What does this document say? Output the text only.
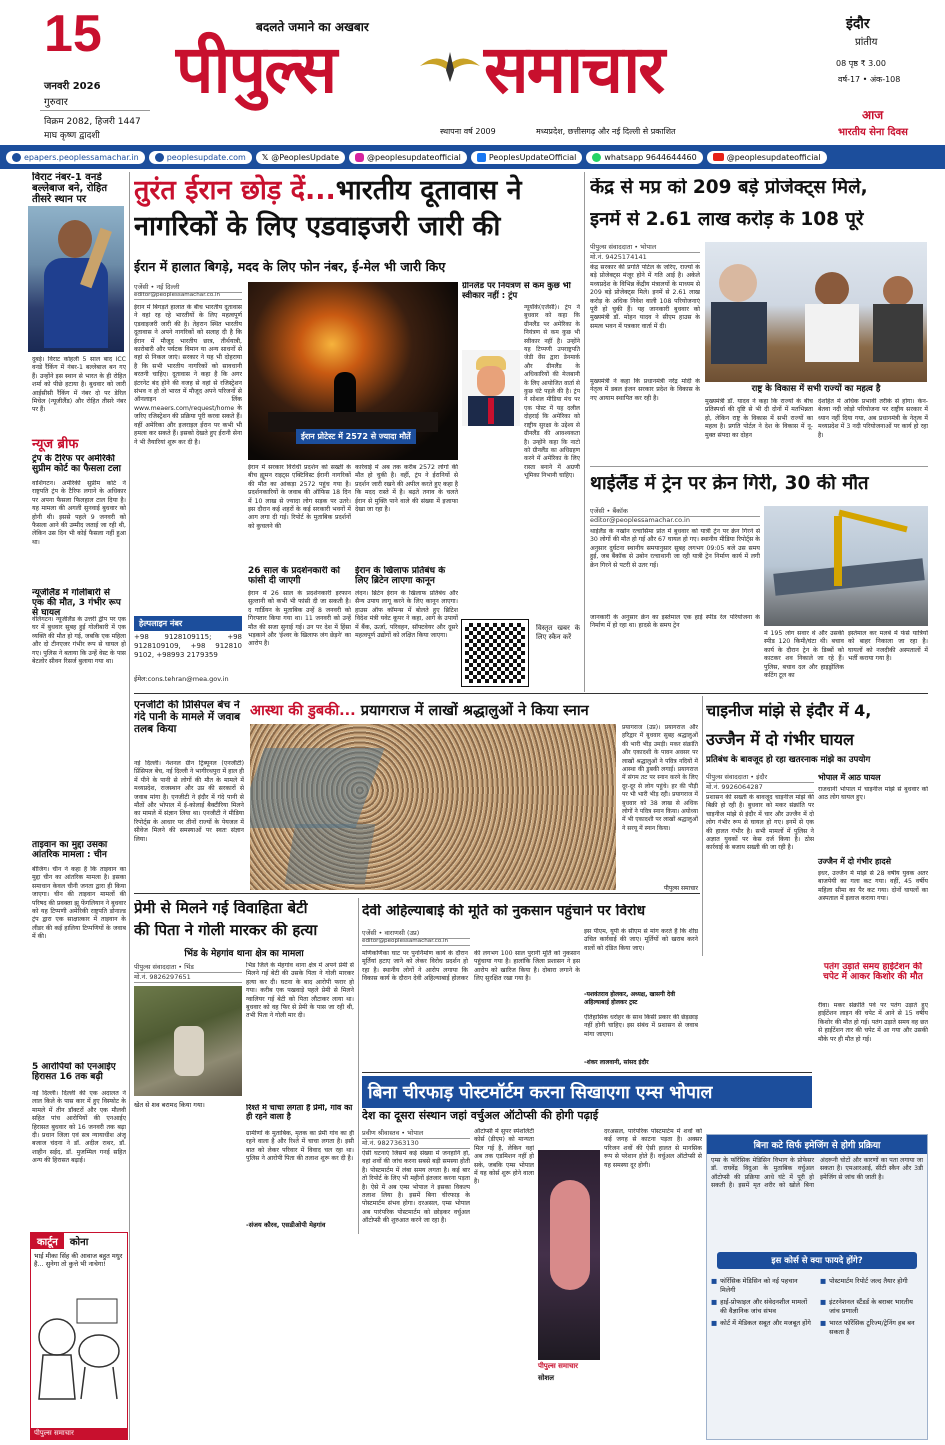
15
जनवरी 2026
गुरुवार
विक्रम 2082, हिजरी 1447
माघ कृष्ण द्वादशी
बदलते जमाने का अखबार
पीपुल्स समाचार
स्थापना वर्ष 2009	मध्यप्रदेश, छत्तीसगढ़ और नई दिल्ली से प्रकाशित
इंदौर
प्रांतीय
08 पृष्ठ ₹ 3.00
वर्ष-17 • अंक-108
आज
भारतीय सेना दिवस
epapers.peoplessamachar.in	peoplesupdate.com 𝕏 @PeoplesUpdate	@peoplesupdateofficial	PeoplesUpdateOfficial	whatsapp 9644644460	@peoplesupdateofficial
विराट नंबर-1 वनडे बल्लेबाज बने, रोहित तीसरे स्थान पर
दुबई। विराट कोहली 5 साल बाद ICC वनडे रैंकिंग में नंबर-1 बल्लेबाज बन गए हैं। उन्होंने इस स्थान से भारत के ही रोहित शर्मा को पीछे हटाया है। बुधवार को जारी आईसीसी रैंकिंग में नंबर दो पर डेरिल मिचेल (न्यूजीलैंड) और रोहित तीसरे नंबर पर हैं।
न्यूज ब्रीफ
ट्रंप के टैरिफ पर अमेरिकी सुप्रीम कोर्ट का फैसला टला
वाशिंगटन। अमेरिकी सुप्रीम कोर्ट ने राष्ट्रपति ट्रंप के टैरिफ लगाने के अधिकार पर अपना फैसला फिलहाल टाल दिया है। यह मामला की अगली सुनवाई बुधवार को होनी थी। इससे पहले 9 जनवरी को फैसला आने की उम्मीद जताई जा रही थी, लेकिन उस दिन भी कोई फैसला नहीं हुआ था।
न्यूजीलैंड में गोलीबारी से एक की मौत, 3 गंभीर रूप से घायल
वेलिंगटन। न्यूजीलैंड के उत्तरी द्वीप पर एक घर में बुधवार सुबह हुई गोलीबारी में एक व्यक्ति की मौत हो गई, जबकि एक महिला और दो टीनएजर गंभीर रूप से घायल हो गए। पुलिस ने बताया कि उन्हें वेस्ट के पास बेटलोर सीवन रिसर्ज बुलाया गया था।
ताइवान का मुद्दा उसका आंतरिक मामला : चीन
बीजिंग। चीन ने कहा है कि ताइवान का मुद्दा चीन का आंतरिक मामला है। इसका समाधान केवल चीनी जनता द्वारा ही किया जाएगा। चीन की ताइवान मामलों की परिषद की प्रवक्ता झू फेंगलियान ने बुधवार को यह टिप्पणी अमेरिकी राष्ट्रपति डोनाल्ड ट्रंप द्वारा एक साक्षात्कार में ताइवान के लीडर की कई हालिया टिप्पणियों के जवाब में की।
5 आरोपियों को एनआईए हिरासत 16 तक बढ़ी
नई दिल्ली। दिल्ली की एक अदालत ने लाल किले के पास कार में हुए विस्फोट के मामले में तीन डॉक्टरों और एक मौलवी सहित पांच आरोपियों की एनआईए हिरासत बुधवार को 16 जनवरी तक बढ़ा दी। प्रधान जिला एवं सत्र न्यायाधीश अंजू बजाज चंदना ने डॉ. अदील राथर, डॉ. शाहीन सईद, डॉ. मुजम्मिल गनई सहित अन्य की हिरासत बढ़ाई।
कार्टून	कोना
भाई मीका सिंह की आवाज बहुत मधुर है... सुनेगा तो कुत्ते भी नाचेगा!
पीपुल्स समाचार
तुरंत ईरान छोड़ दें...भारतीय दूतावास ने
नागरिकों के लिए एडवाइजरी जारी की
ईरान में हालात बिगड़े, मदद के लिए फोन नंबर, ई-मेल भी जारी किए
एजेंसी • नई दिल्ली
editor@peoplessamachar.co.in
ईरान में बिगड़ते हालात के बीच भारतीय दूतावास ने वहां रह रहे भारतीयों के लिए महत्वपूर्ण एडवाइजरी जारी की है। तेहरान स्थित भारतीय दूतावास ने अपने नागरिकों को सलाह दी है कि ईरान में मौजूद भारतीय छात्र, तीर्थयात्री, कारोबारी और पर्यटक विमान या अन्य साधनों से वहां से निकल जाएं। सरकार ने यह भी दोहराया है कि सभी भारतीय नागरिकों को सावधानी बरतनी चाहिए। दूतावास ने कहा है कि अगर इंटरनेट बंद होने की वजह से वहां से रजिस्ट्रेशन संभव न हो तो भारत में मौजूद अपने परिजनों से ऑनलाइन लिंक www.meaers.com/request/home के जरिए रजिस्ट्रेशन की प्रक्रिया पूरी करवा सकते हैं। वहीं अमेरिका और इजराइल ईरान पर कभी भी हमला कर सकते हैं। इसको देखते हुए ईरानी सेना ने भी तैयारियां शुरू कर दी है।
ईरान प्रोटेस्ट में 2572 से ज्यादा मौतें
ईरान में सरकार विरोधी प्रदर्शन को सख्ती के बीच ह्यूमन राइट्स एक्टिविस्ट ईरानी नागरिकों की मौत का आंकड़ा 2572 पहुंच गया है। प्रदर्शनकारियों के जवाब की ऑफिस 18 दिन में 10 लाख से ज्यादा लोग सड़क पर उतरे। इस दौरान कई शहरों के कई सरकारी भवनों में आग लगा दी गई। रिपोर्ट के मुताबिक प्रदर्शनों को कुचलने की
कार्रवाई में अब तक करीब 2572 लोगों की मौत हो चुकी है। वहीं, ट्रंप ने ईरानियों से प्रदर्शन जारी रखने की अपील करते हुए कहा है कि मदद रास्ते में है। बढ़ते तनाव के चलते ईरान से मुक्ति पाने वाले की संख्या में इजाफा देखा जा रहा है।
हेल्पलाइन नंबर
+98 9128109115; +98 9128109109, +98 912810 9102, +98993 2179359
ईमेल:cons.tehran@mea.gov.in
26 साल के प्रदर्शनकारी को फांसी दी जाएगी
ईरान में 26 साल के प्रदर्शनकारी इरफान सुल्तानी को कभी भी फांसी दी जा सकती है। द गार्डियन के मुताबिक उन्हें 8 जनवरी को गिरफ्तार किया गया था। 11 जनवरी को उन्हें मौत की सजा सुनाई गई। उन पर देश में हिंसा भड़काने और 'ईश्वर के खिलाफ जंग छेड़ने' का आरोप है।
ईरान के खिलाफ प्रतिबंध के लिए ब्रिटेन लाएगा कानून
लंदन। ब्रिटेन ईरान के खिलाफ प्रतिबंध और सैन्य उपाय लागू करने के लिए कानून लाएगा। हाउस ऑफ कॉमन्स में बोलते हुए ब्रिटिश विदेश मंत्री यवेट कूपर ने कहा, आगे के उपायों में बैंक, ऊर्जा, परिवहन, सॉफ्टवेयर और दूसरे महत्वपूर्ण उद्योगों को लक्षित किया जाएगा।
ग्रीनलैंड पर नियंत्रण से कम कुछ भी स्वीकार नहीं : ट्रंप
न्यूयॉर्क(एजेंसी)। ट्रंप ने बुधवार को कहा कि ग्रीनलैंड पर अमेरिका के नियंत्रण से कम कुछ भी स्वीकार नहीं है। उन्होंने यह टिप्पणी उपराष्ट्रपति जेडी वेंस द्वारा डेनमार्क और ग्रीनलैंड के अधिकारियों की मेजबानी के लिए आयोजित वार्ता से कुछ घंटे पहले की है। ट्रंप ने सोशल मीडिया मंच पर एक पोस्ट में यह दलील दोहराई कि अमेरिका को राष्ट्रीय सुरक्षा के उद्देश्य से ग्रीनलैंड की आवश्यकता है। उन्होंने कहा कि नाटो को ग्रीनलैंड का अधिग्रहण करने में अमेरिका के लिए रास्ता बनाने में अग्रणी भूमिका निभानी चाहिए।
विस्तृत खबर के लिए स्कैन करें
केंद्र से मप्र को 209 बड़े प्रोजेक्ट्स मिले,
इनमें से 2.61 लाख करोड़ के 108 पूरे
पीपुल्स संवाददाता • भोपाल
मो.नं. 9425174141
केंद्र सरकार की प्रगति पोर्टल के जरिए, राज्यों के बड़े प्रोजेक्ट्स मंजूर होने में गति आई है। अकेले मध्यप्रदेश के विभिन्न केंद्रीय मंत्रालयों के माध्यम से 209 बड़े प्रोजेक्ट्स मिले। इनमें से 2.61 लाख करोड़ के अधिक निवेश वाली 108 परियोजनाएं पूरी हो चुकी हैं। यह जानकारी बुधवार को मुख्यमंत्री डॉ. मोहन यादव ने सीएम हाउस के समत्व भवन में पत्रकार वार्ता में दी।
मुख्यमंत्री ने कहा कि प्रधानमंत्री नरेंद्र मोदी के नेतृत्व में डबल इंजन सरकार प्रदेश के विकास के नए आयाम स्थापित कर रही है।
राष्ट्र के विकास में सभी राज्यों का महत्व है
मुख्यमंत्री डॉ. यादव ने कहा कि राज्यों के बीच प्रतिस्पर्धा की दृष्टि से भी दी दोनों में मतभिन्नता हो, लेकिन राष्ट्र के विकास में सभी राज्यों का महत्व है। प्रगति पोर्टल ने देश के विकास में नू-मुक्त संपदा का दोहन
देशहित में अधिक प्रभावी तरीके से होगा। केन-बेतवा नदी जोड़ो परियोजना पर राष्ट्रीय सरकार में ध्यान नहीं दिया गया, अब प्रधानमंत्री के नेतृत्व में मध्यप्रदेश में 3 नदी परियोजनाओं पर कार्य हो रहा है।
थाईलैंड में ट्रेन पर क्रेन गिरी, 30 की मौत
एजेंसी • बैंकॉक
editor@peoplessamachar.co.in
थाईलैंड के नखोन रत्चासिमा प्रांत में बुधवार को यात्री ट्रेन पर क्रेन गिरने से 30 लोगों की मौत हो गई और 67 घायल हो गए। स्थानीय मीडिया रिपोर्ट्स के अनुसार दुर्घटना स्थानीय समयानुसार सुबह लगभग 09:05 बजे उस समय हुई, जब बैंकॉक से उबोन रत्चाथानी जा रही यात्री ट्रेन निर्माण कार्य में लगी क्रेन गिरने से पटरी से उतर गई।
जानकारी के अनुसार क्रेन का इस्तेमाल एक हाई स्पीड रेल परियोजना के निर्माण में हो रहा था। हादसे के समय ट्रेन
में 195 लोग सवार थे और उसकी स्पीड 120 किमी/घंटा थी। बचाव कार्य के दौरान ट्रेन के डिब्बों को काटकर शव निकाले जा रहे हैं। पुलिस, बचाव दल और हाइड्रोलिक कटिंग टूल का
इस्तेमाल कर मलबे में फंसे यात्रियों को बाहर निकाला जा रहा है। घायलों को नजदीकी अस्पतालों में भर्ती कराया गया है।
एनजीटी की प्रिंसिपल बेंच ने गंदे पानी के मामले में जवाब तलब किया
नई दिल्ली। नेशनल ग्रीन ट्रिब्यूनल (एनजीटी) प्रिंसिपल बेंच, नई दिल्ली ने भागीरथपुरा में हाल ही में पीने के पानी से लोगों की मौत के मामले में मध्यप्रदेश, राजस्थान और उप्र की सरकारों से जवाब मांगा है। एनजीटी ने इंदौर में गंदे पानी से मौतों और भोपाल में ई-कोलाई बैक्टीरिया मिलने का मामले में संज्ञान लिया था। एनजीटी ने मीडिया रिपोर्ट्स के आधार पर तीनों राज्यों के पेयजल में सीवेज मिलने की समस्याओं पर स्वतः संज्ञान लिया।
आस्था की डुबकी... प्रयागराज में लाखों श्रद्धालुओं ने किया स्नान
प्रयागराज (उप्र)। प्रयागराज और हरिद्वार में बुधवार सुबह श्रद्धालुओं की भारी भीड़ उमड़ी। मकर संक्रांति और एकादशी के पावन अवसर पर लाखों श्रद्धालुओं ने पवित्र नदियों में आस्था की डुबकी लगाई। प्रयागराज में संगम तट पर स्नान करने के लिए दूर-दूर से लोग पहुंचे। हर की पौड़ी पर भी भारी भीड़ रही। प्रयागराज में बुधवार को 38 लाख से अधिक लोगों ने पवित्र स्नान किया। अयोध्या में भी एकादशी पर लाखों श्रद्धालुओं ने सरयू में स्नान किया।
पीपुल्स समाचार
चाइनीज मांझे से इंदौर में 4,
उज्जैन में दो गंभीर घायल
प्रतिबंध के बावजूद हो रहा खतरनाक मांझे का उपयोग
पीपुल्स संवाददाता • इंदौर
मो.नं. 9926064287
प्रशासन की सख्ती के बावजूद चाइनीज मांझे की बिक्री हो रही है। बुधवार को मकर संक्रांति पर चाइनीज मांझे से इंदौर में चार और उज्जैन में दो लोग गंभीर रूप से घायल हो गए। इनमें से एक की हालत गंभीर है। सभी मामलों में पुलिस ने अज्ञात युवकों पर केस दर्ज किया है। ठोस कार्रवाई के बजाय सख्ती की जा रही है।
भोपाल में आठ घायल
राजधानी भोपाल में चाइनीज मांझे से बुधवार को आठ लोग घायल हुए।
उज्जैन में दो गंभीर हादसे
इधर, उज्जैन में मांझे से 28 वर्षीय युवक अतर बाजपेयी का गला कट गया। वहीं, 45 वर्षीय महिला सीमा का पैर कट गया। दोनों घायलों का अस्पताल में इलाज कराया गया।
पतंग उड़ाते समय हाईटेंशन की चपेट में आकर किशोर की मौत
रीवा। मकर संक्रांति पर्व पर पतंग उड़ाते हुए हाईटेंशन लाइन की चपेट में आने से 15 वर्षीय किशोर की मौत हो गई। पतंग उड़ाते समय वह छत से हाईटेंशन तार की चपेट में आ गया और उसकी मौके पर ही मौत हो गई।
प्रेमी से मिलने गई विवाहिता बेटी
की पिता ने गोली मारकर की हत्या
भिंड के मेहगांव थाना क्षेत्र का मामला
पीपुल्स संवाददाता • भिंड
मो.नं. 9826297651
खेत से शव बरामद किया गया।
भिंड जिले के मेहगांव थाना क्षेत्र में अपने प्रेमी से मिलने गई बेटी की उसके पिता ने गोली मारकर हत्या कर दी। घटना के बाद आरोपी फरार हो गया। करीब एक पखवाड़े पहले प्रेमी से मिलने ग्वालियर गई बेटी को पिता लौटाकर लाया था। बुधवार को वह फिर से प्रेमी के पास जा रही थी, तभी पिता ने गोली मार दी।
रिश्ते में चाचा लगता है प्रेमी, गांव का ही रहने वाला है
ग्रामीणों के मुताबिक, मृतक का प्रेमी गांव का ही रहने वाला है और रिश्ते में चाचा लगता है। इसी बात को लेकर परिवार में विवाद चल रहा था। पुलिस ने आरोपी पिता की तलाश शुरू कर दी है।
-संजय कौरव, एसडीओपी मेहगांव
देवी अहिल्याबाई की मूर्ति को नुकसान पहुंचाने पर विरोध
एजेंसी • वाराणसी (उप्र)
editor@peoplessamachar.co.in
मणिकर्णिका घाट पर पुनर्निर्माण कार्य के दौरान मूर्तियां हटाए जाने को लेकर विरोध प्रदर्शन हो रहा है। स्थानीय लोगों ने आरोप लगाया कि विकास कार्य के दौरान देवी अहिल्याबाई होलकर की लगभग 100 साल पुरानी मूर्ति को नुकसान पहुंचाया गया है। हालांकि जिला प्रशासन ने इस आरोप को खारिज किया है। दोबारा लगाने के लिए सुरक्षित रखा गया है।
इस पीएम, यूपी के सीएम से मांग करते हैं कि शीघ्र उचित कार्रवाई की जाए। मूर्तियों को खराब करने वालों को दंडित किया जाए।
-यशवंतराव होलकर, अध्यक्ष, खासगी देवी अहिल्याबाई होलकर ट्रस्ट
ऐतिहासिक धरोहर के साथ किसी प्रकार की छेड़छाड़ नहीं होनी चाहिए। इस संबंध में प्रशासन से जवाब मांगा जाएगा।
-शंकर लालवानी, सांसद इंदौर
बिना चीरफाड़ पोस्टमॉर्टम करना सिखाएगा एम्स भोपाल
देश का दूसरा संस्थान जहां वर्चुअल ऑटोप्सी की होगी पढ़ाई
प्रवीण श्रीवास्तव • भोपाल
मो.नं. 9827363130
ऐसी घटनाएं जिसमें कई संख्या में जनहानि हो, वहां शवों की जांच करना सबसे बड़ी समस्या होती है। पोस्टमार्टम में लंबा समय लगता है। कई बार तो रिपोर्ट के लिए भी महीनों इंतजार करना पड़ता है। ऐसे में अब एम्स भोपाल ने इसका विकल्प तलाश लिया है। इसमें बिना चीरफाड़ के पोस्टमार्टम संभव होगा। दरअसल, एम्स भोपाल अब पारंपरिक पोस्टमार्टम को छोड़कर वर्चुअल ऑटोप्सी की शुरुआत करने जा रहा है।
ऑटोप्सी में सुपर स्पेशलिटी कोर्स (डीएम) को मान्यता मिल गई है, लेकिन वहां अब तक एडमिशन नहीं हो सके, जबकि एम्स भोपाल में यह कोर्स शुरू होने वाला है।
पीपुल्स समाचार
सोशल
दरअसल, पारंपरिक पोस्टमार्टम में शवों को कई जगह से काटना पड़ता है। अक्सर परिजन शवों की ऐसी हालत से मानसिक रूप से परेशान होते हैं। वर्चुअल ऑटोप्सी से यह समस्या दूर होगी।
बिना कटे सिर्फ इमेजिंग से होगी प्रक्रिया
एम्स के फॉरेंसिक मेडिसिन विभाग के प्रोफेसर डॉ. राघवेंद्र विदुआ के मुताबिक वर्चुअल ऑटोप्सी की प्रक्रिया आधे घंटे में पूरी हो सकती है। इसमें मृत शरीर को खोले बिना अंदरूनी चोटों और कारणों का पता लगाया जा सकता है। एमआरआई, सीटी स्कैन और 3डी इमेजिंग से जांच की जाती है।
इस कोर्स से क्या फायदे होंगे?
■ फॉरेंसिक मेडिसिन को नई पहचान मिलेगी
■ पोस्टमार्टम रिपोर्ट जल्द तैयार होगी
■ हाई-प्रोफाइल और संवेदनशील मामलों की वैज्ञानिक जांच संभव
■ इंटरनेशनल स्टैंडर्ड के बराबर भारतीय जांच प्रणाली
■ कोर्ट में मेडिकल सबूत और मजबूत होंगे ■ भारत फॉरेंसिक टूरिज्म/ट्रेनिंग हब बन सकता है
